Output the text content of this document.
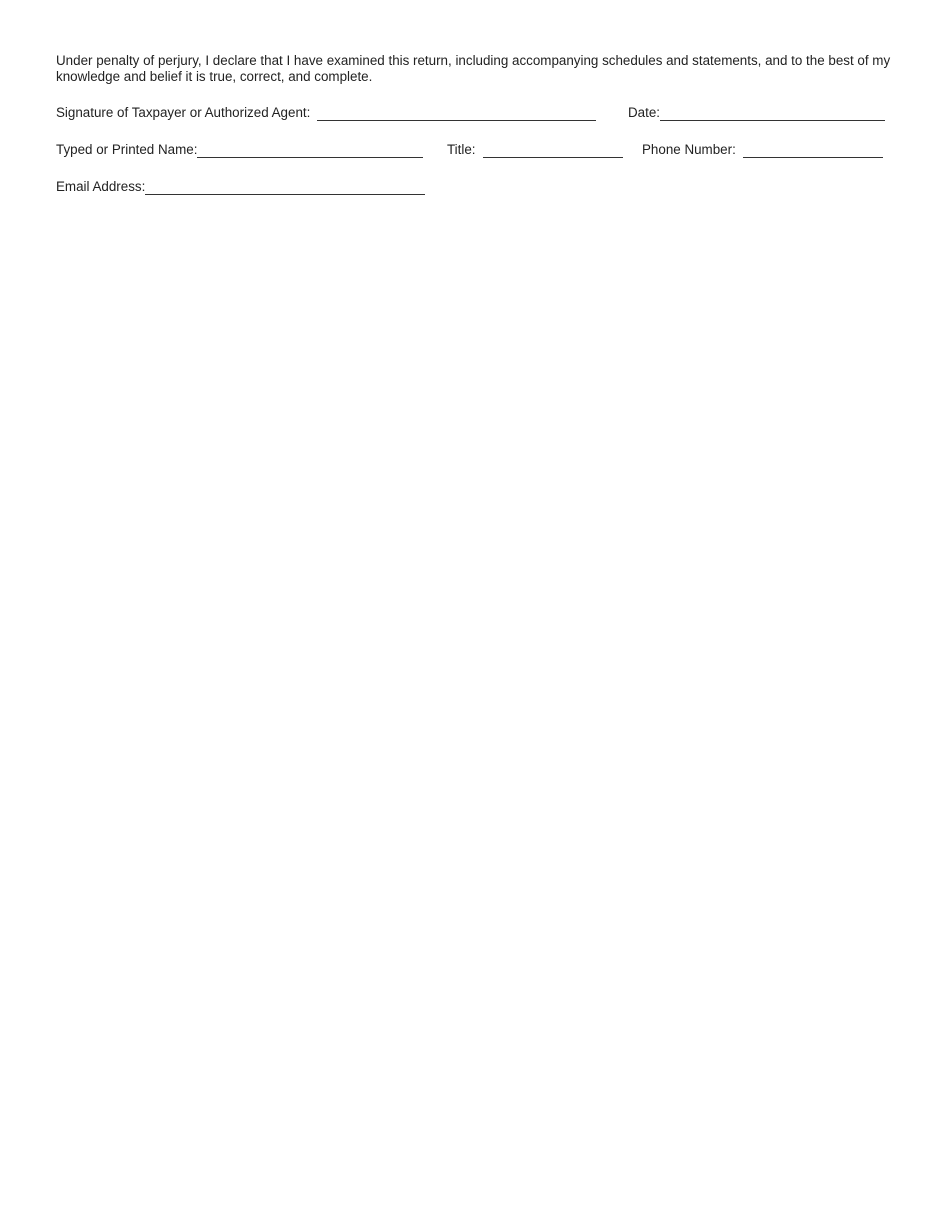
Under penalty of perjury, I declare that I have examined this return, including accompanying schedules and statements, and to the best of my knowledge and belief it is true, correct, and complete.

Signature of Taxpayer or Authorized Agent:	Date:
Typed or Printed Name:	Title:	Phone Number:
Email Address:
